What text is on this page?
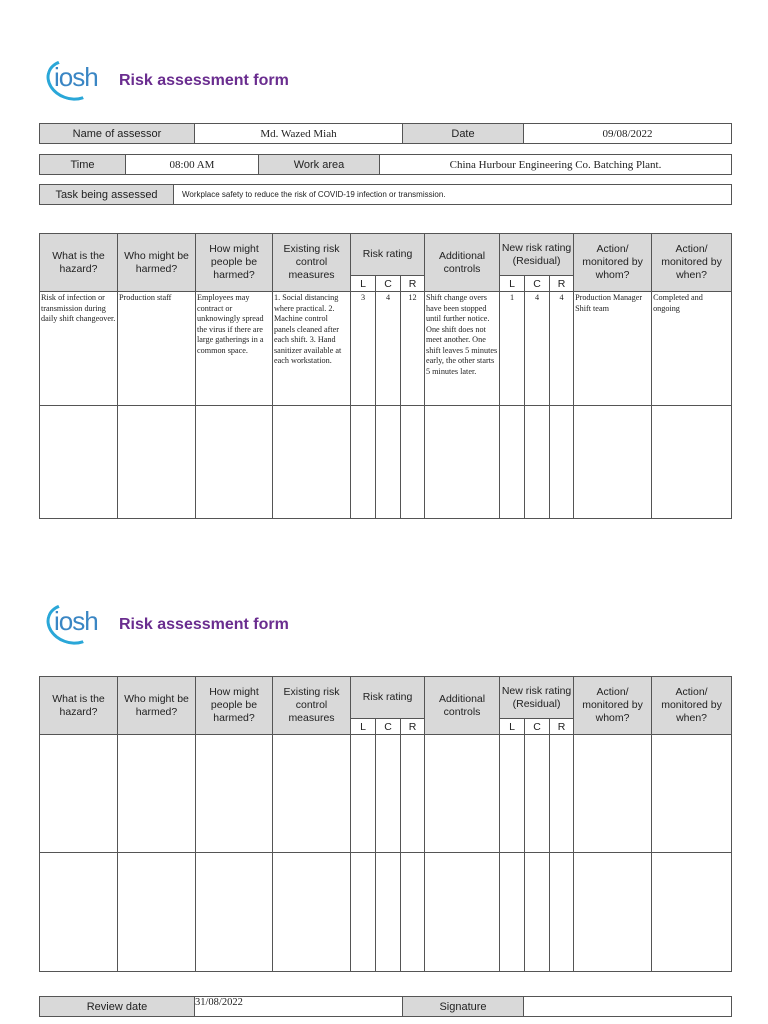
iosh Risk assessment form
Name of assessor	Md. Wazed Miah	Date	09/08/2022
Time	08:00 AM	Work area	China Hurbour Engineering Co. Batching Plant.
Task being assessed	Workplace safety to reduce the risk of COVID-19 infection or transmission.
What is the hazard?	Who might be harmed?	How might people be harmed?	Existing risk control measures	Risk rating			Additional controls	New risk rating (Residual)			Action/ monitored by whom?	Action/ monitored by when?
				L	C	R		L	C	R		
Risk of infection or transmission during daily shift changeover.	Production staff	Employees may contract or unknowingly spread the virus if there are large gatherings in a common space.	1. Social distancing where practical. 2. Machine control panels cleaned after each shift. 3. Hand sanitizer available at each workstation.	3	4	12	Shift change overs have been stopped until further notice. One shift does not meet another. One shift leaves 5 minutes early, the other starts 5 minutes later.	1	4	4	Production Manager Shift team	Completed and ongoing

iosh Risk assessment form
What is the hazard?	Who might be harmed?	How might people be harmed?	Existing risk control measures	Risk rating			Additional controls	New risk rating (Residual)			Action/ monitored by whom?	Action/ monitored by when?
				L	C	R		L	C	R		

Review date	31/08/2022	Signature	
